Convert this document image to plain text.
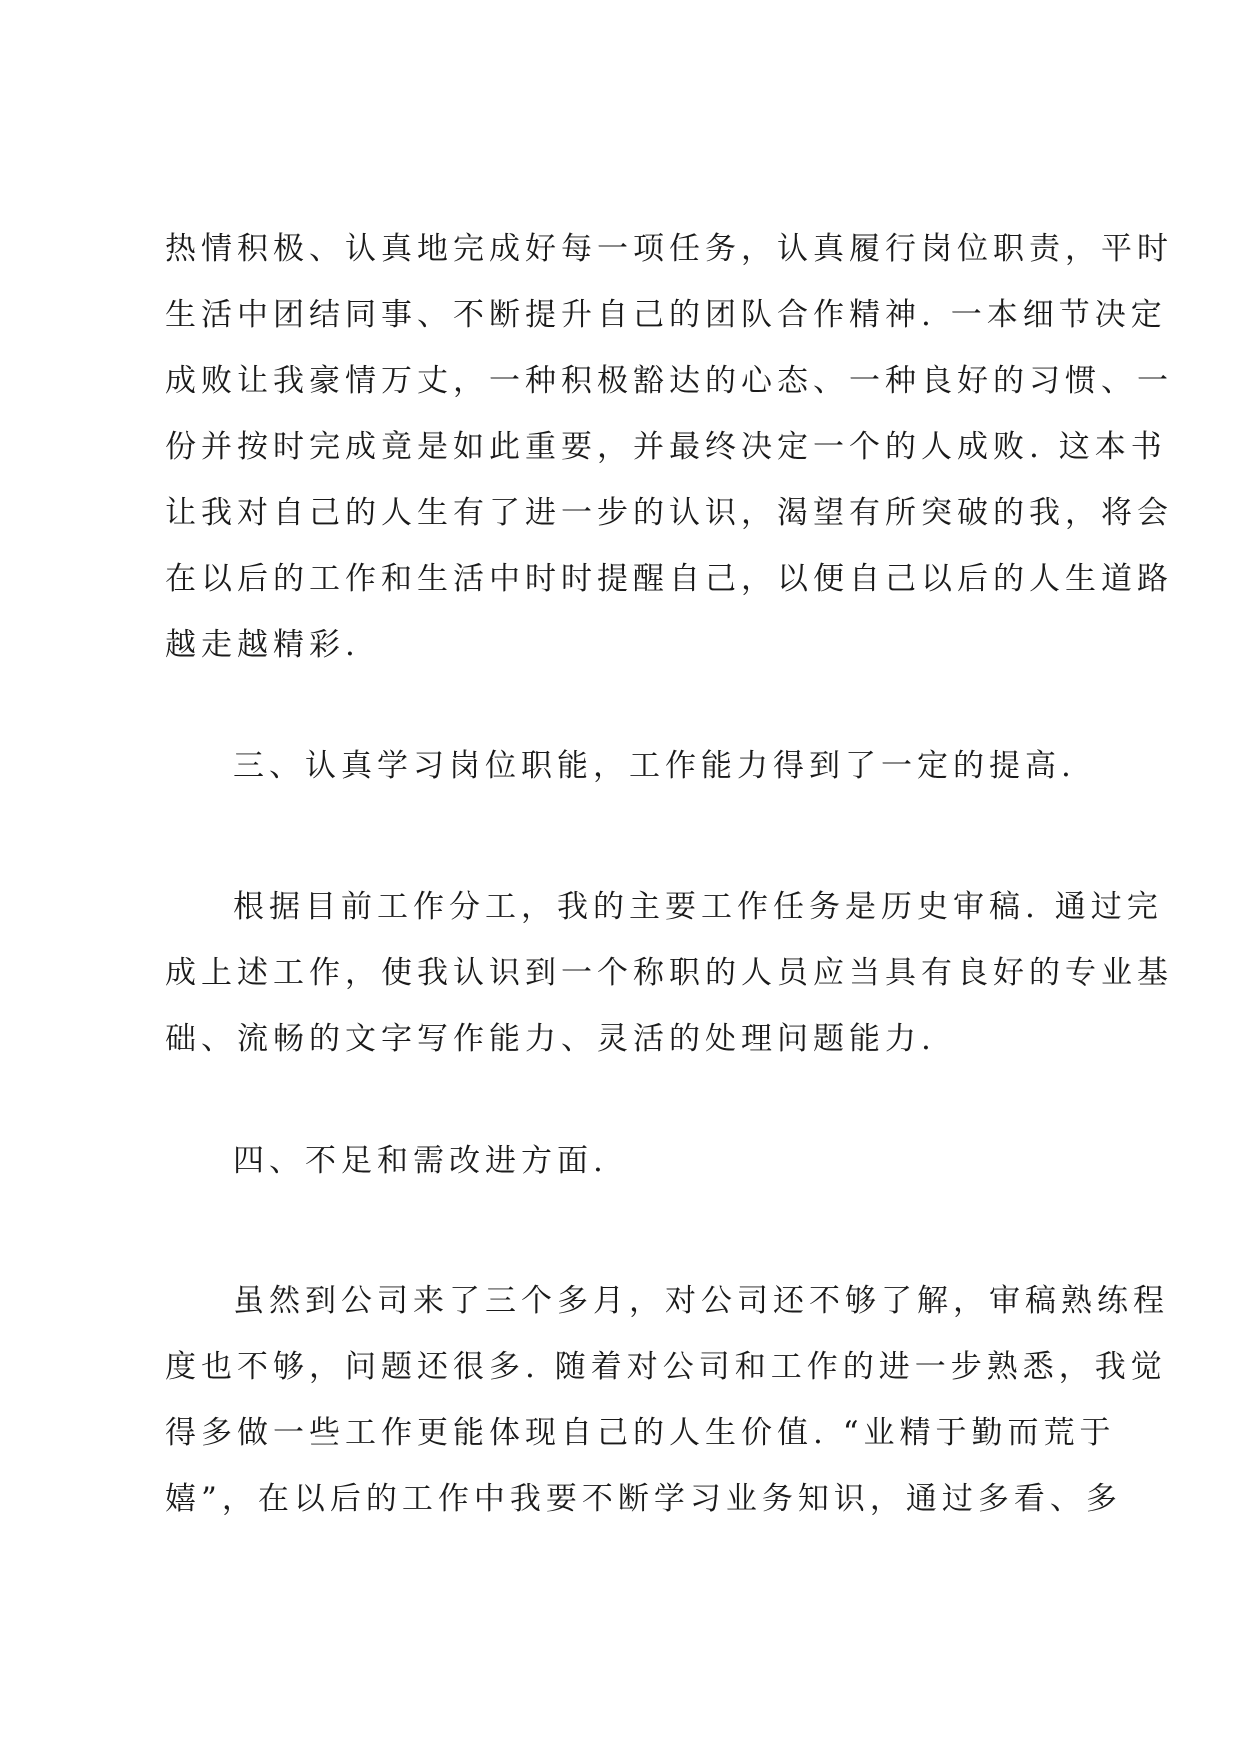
热情积极、认真地完成好每一项任务，认真履行岗位职责，平时
生活中团结同事、不断提升自己的团队合作精神. 一本细节决定
成败让我豪情万丈，一种积极豁达的心态、一种良好的习惯、一
份并按时完成竟是如此重要，并最终决定一个的人成败. 这本书
让我对自己的人生有了进一步的认识，渴望有所突破的我，将会
在以后的工作和生活中时时提醒自己，以便自己以后的人生道路
越走越精彩.
三、认真学习岗位职能，工作能力得到了一定的提高.
根据目前工作分工，我的主要工作任务是历史审稿. 通过完
成上述工作，使我认识到一个称职的人员应当具有良好的专业基
础、流畅的文字写作能力、灵活的处理问题能力.
四、不足和需改进方面.
虽然到公司来了三个多月，对公司还不够了解，审稿熟练程
度也不够，问题还很多. 随着对公司和工作的进一步熟悉，我觉
得多做一些工作更能体现自己的人生价值. “业精于勤而荒于
嬉”，在以后的工作中我要不断学习业务知识，通过多看、多
